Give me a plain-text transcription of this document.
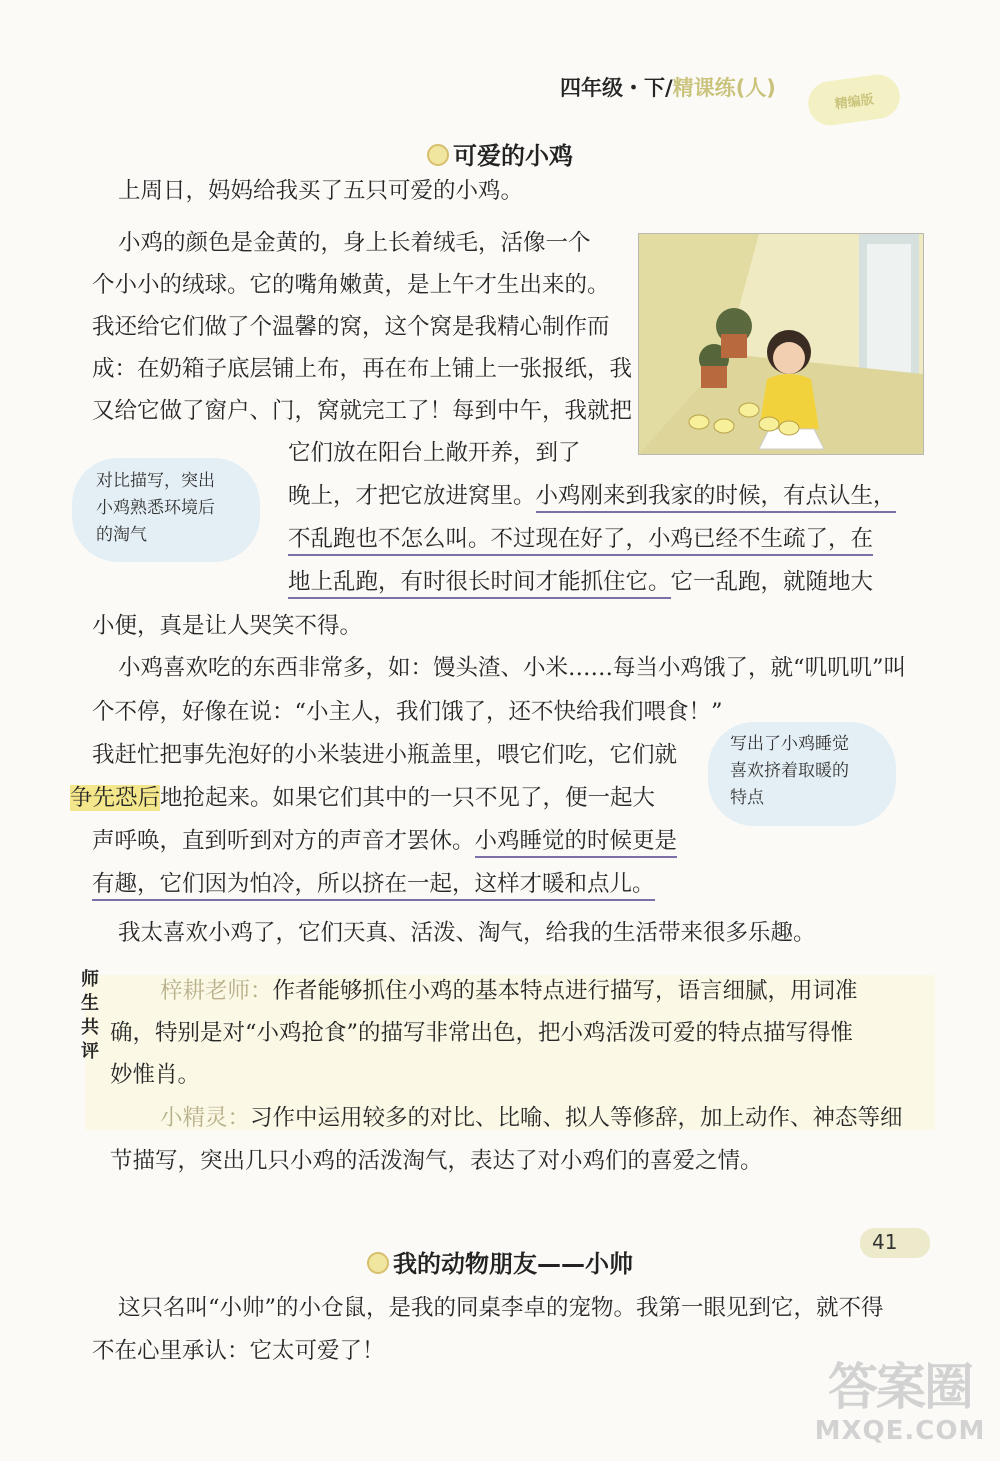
四年级・下/精课练(人)
精编版
可爱的小鸡
上周日，妈妈给我买了五只可爱的小鸡。
小鸡的颜色是金黄的，身上长着绒毛，活像一个
个小小的绒球。它的嘴角嫩黄，是上午才生出来的。
我还给它们做了个温馨的窝，这个窝是我精心制作而
成：在奶箱子底层铺上布，再在布上铺上一张报纸，我
又给它做了窗户、门，窝就完工了！每到中午，我就把
它们放在阳台上敞开养，到了
晚上，才把它放进窝里。小鸡刚来到我家的时候，有点认生，
不乱跑也不怎么叫。不过现在好了，小鸡已经不生疏了，在
地上乱跑，有时很长时间才能抓住它。它一乱跑，就随地大
小便，真是让人哭笑不得。
对比描写，突出
小鸡熟悉环境后
的淘气
小鸡喜欢吃的东西非常多，如：馒头渣、小米……每当小鸡饿了，就“叽叽叽”叫
个不停，好像在说：“小主人，我们饿了，还不快给我们喂食！”
我赶忙把事先泡好的小米装进小瓶盖里，喂它们吃，它们就
争先恐后地抢起来。如果它们其中的一只不见了，便一起大
声呼唤，直到听到对方的声音才罢休。小鸡睡觉的时候更是
有趣，它们因为怕冷，所以挤在一起，这样才暖和点儿。
写出了小鸡睡觉
喜欢挤着取暖的
特点
我太喜欢小鸡了，它们天真、活泼、淘气，给我的生活带来很多乐趣。
师
生
共
评
梓耕老师：作者能够抓住小鸡的基本特点进行描写，语言细腻，用词准
确，特别是对“小鸡抢食”的描写非常出色，把小鸡活泼可爱的特点描写得惟
妙惟肖。
小精灵：习作中运用较多的对比、比喻、拟人等修辞，加上动作、神态等细
节描写，突出几只小鸡的活泼淘气，表达了对小鸡们的喜爱之情。
我的动物朋友——小帅
这只名叫“小帅”的小仓鼠，是我的同桌李卓的宠物。我第一眼见到它，就不得
不在心里承认：它太可爱了！
41
答案圈
MXQE.COM
